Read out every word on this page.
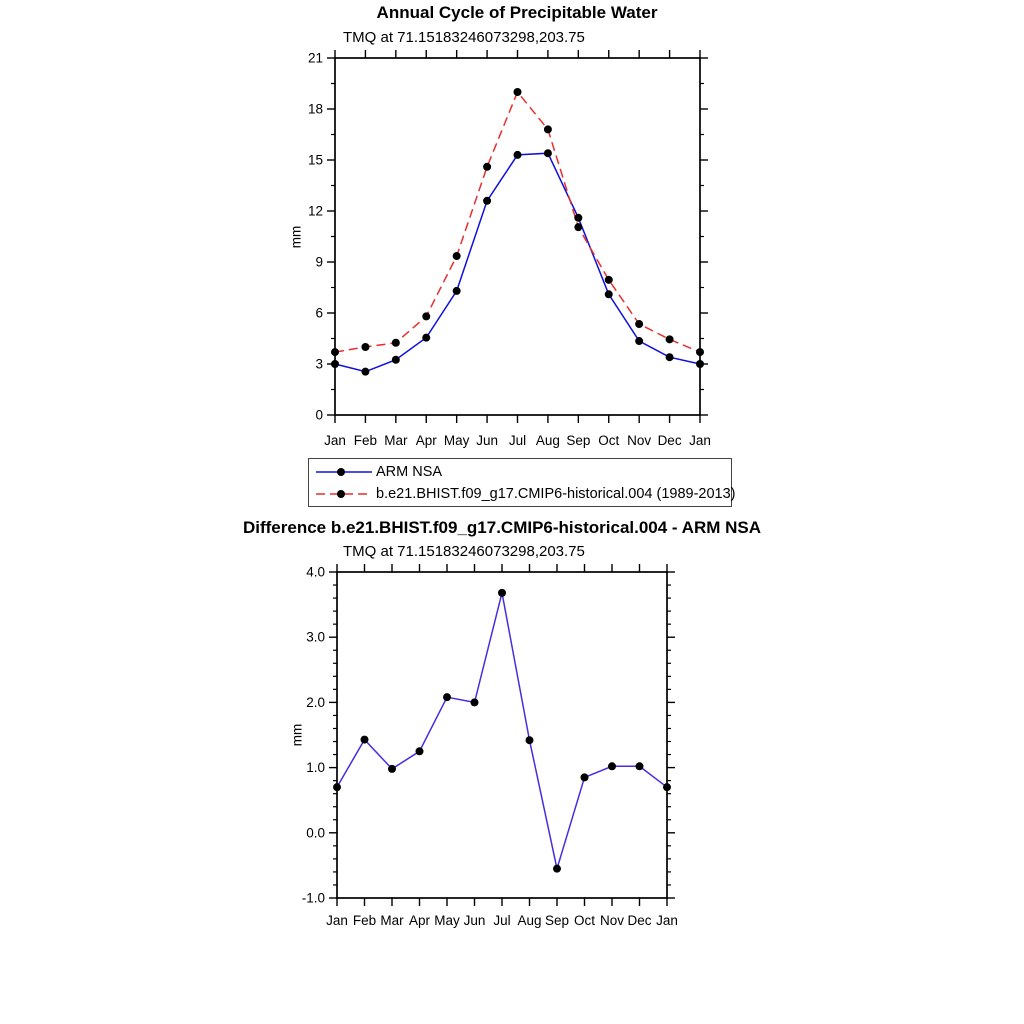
Jan Feb Mar Apr May Jun Jul Aug Sep Oct Nov Dec Jan
0
3
6
9
12
15
18
21
Jan Feb Mar Apr May Jun Jul Aug Sep Oct Nov Dec Jan
-1.0
0.0
1.0
2.0
3.0
4.0
Annual Cycle of Precipitable Water
TMQ at 71.15183246073298,203.75
mm
ARM NSA
b.e21.BHIST.f09_g17.CMIP6-historical.004 (1989-2013)
Difference b.e21.BHIST.f09_g17.CMIP6-historical.004 - ARM NSA
TMQ at 71.15183246073298,203.75
mm
